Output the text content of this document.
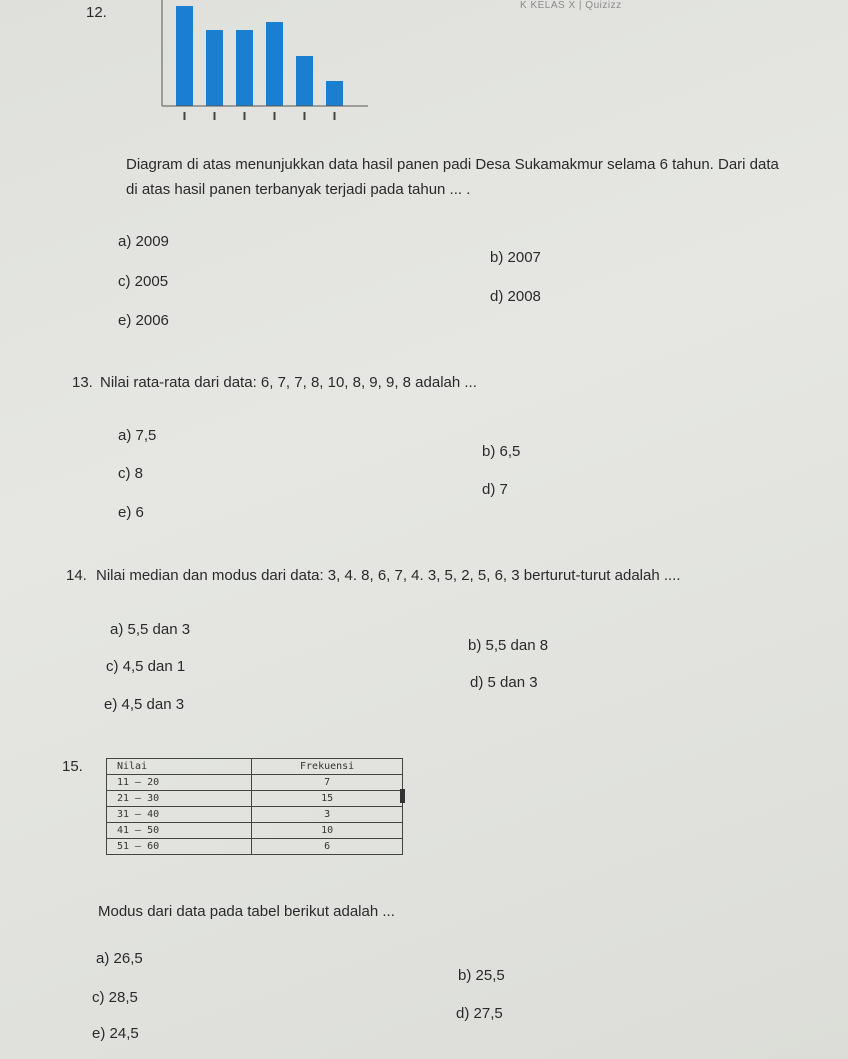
K KELAS X | Quizizz
12.
Diagram di atas menunjukkan data hasil panen padi Desa Sukamakmur selama 6 tahun. Dari data
di atas hasil panen terbanyak terjadi pada tahun ... .
a) 2009
b) 2007
c) 2005
d) 2008
e) 2006
13. Nilai rata-rata dari data: 6, 7, 7, 8, 10, 8, 9, 9, 8 adalah ...
a) 7,5
b) 6,5
c) 8
d) 7
e) 6
14. Nilai median dan modus dari data: 3, 4. 8, 6, 7, 4. 3, 5, 2, 5, 6, 3 berturut-turut adalah ....
a) 5,5 dan 3
b) 5,5 dan 8
c) 4,5 dan 1
d) 5 dan 3
e) 4,5 dan 3
15.	Nilai	Frekuensi
11 – 20	7
21 – 30	15
31 – 40	3
41 – 50	10
51 – 60	6
Modus dari data pada tabel berikut adalah ...
a) 26,5
b) 25,5
c) 28,5
d) 27,5
e) 24,5
